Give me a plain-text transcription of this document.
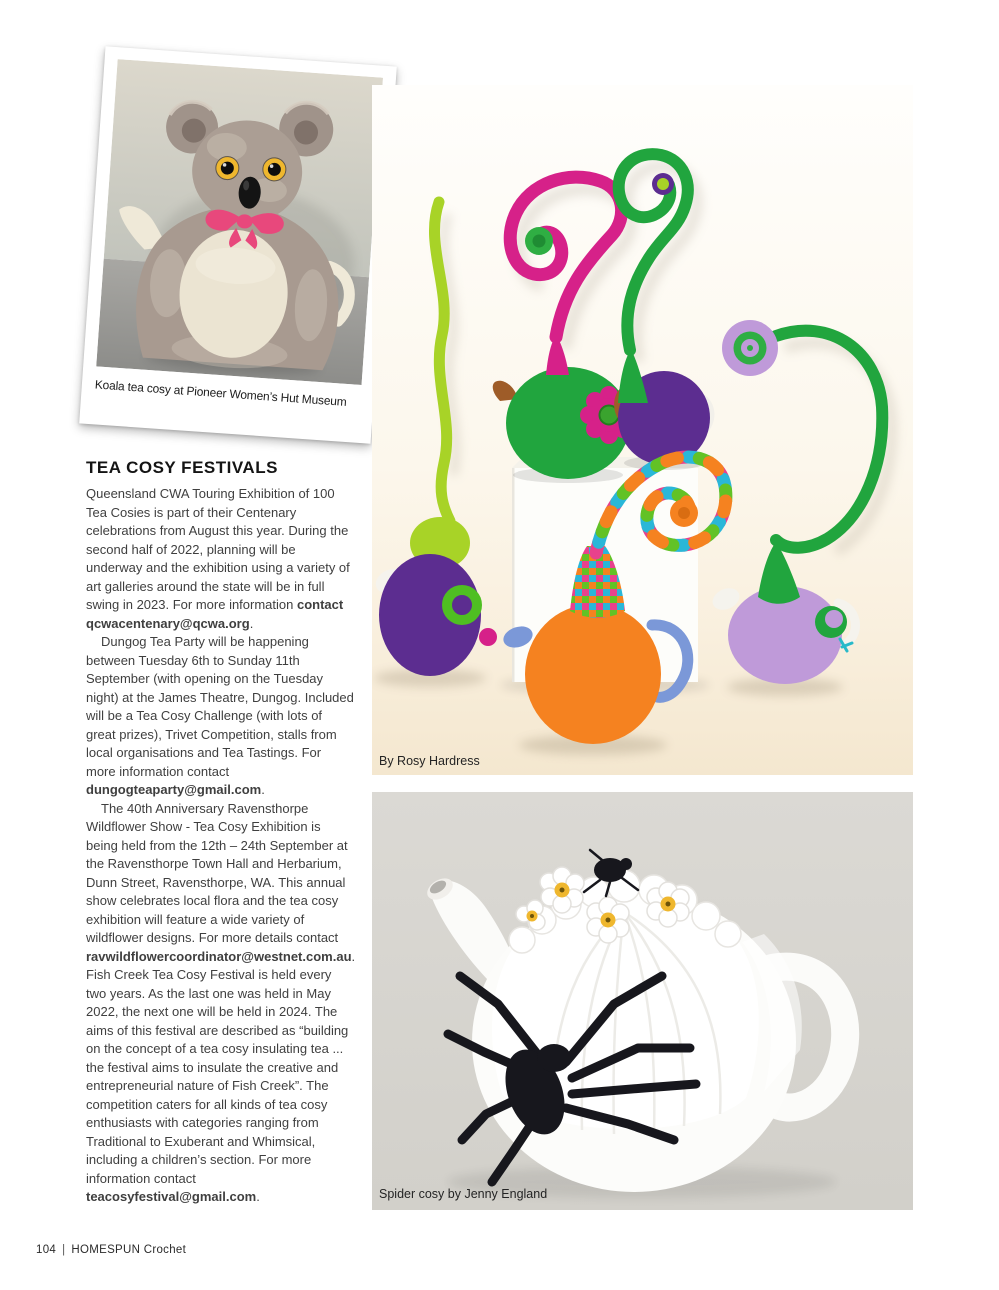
Koala tea cosy at Pioneer Women’s Hut Museum
TEA COSY FESTIVALS

Queensland CWA Touring Exhibition of 100 Tea Cosies is part of their Centenary celebrations from August this year. During the second half of 2022, planning will be underway and the exhibition using a variety of art galleries around the state will be in full swing in 2023. For more information contact qcwacentenary@qcwa.org.

Dungog Tea Party will be happening between Tuesday 6th to Sunday 11th September (with opening on the Tuesday night) at the James Theatre, Dungog. Included will be a Tea Cosy Challenge (with lots of great prizes), Trivet Competition, stalls from local organisations and Tea Tastings. For more information contact dungogteaparty@gmail.com.

The 40th Anniversary Ravensthorpe Wildflower Show - Tea Cosy Exhibition is being held from the 12th – 24th September at the Ravensthorpe Town Hall and Herbarium, Dunn Street, Ravensthorpe, WA. This annual show celebrates local flora and the tea cosy exhibition will feature a wide variety of wildflower designs. For more details contact ravwildflowercoordinator@westnet.com.au.

Fish Creek Tea Cosy Festival is held every two years. As the last one was held in May 2022, the next one will be held in 2024. The aims of this festival are described as “building on the concept of a tea cosy insulating tea ... the festival aims to insulate the creative and entrepreneurial nature of Fish Creek”. The competition caters for all kinds of tea cosy enthusiasts with categories ranging from Traditional to Exuberant and Whimsical, including a children’s section. For more information contact teacosyfestival@gmail.com.

By Rosy Hardress
Spider cosy by Jenny England
104 | HOMESPUN Crochet
